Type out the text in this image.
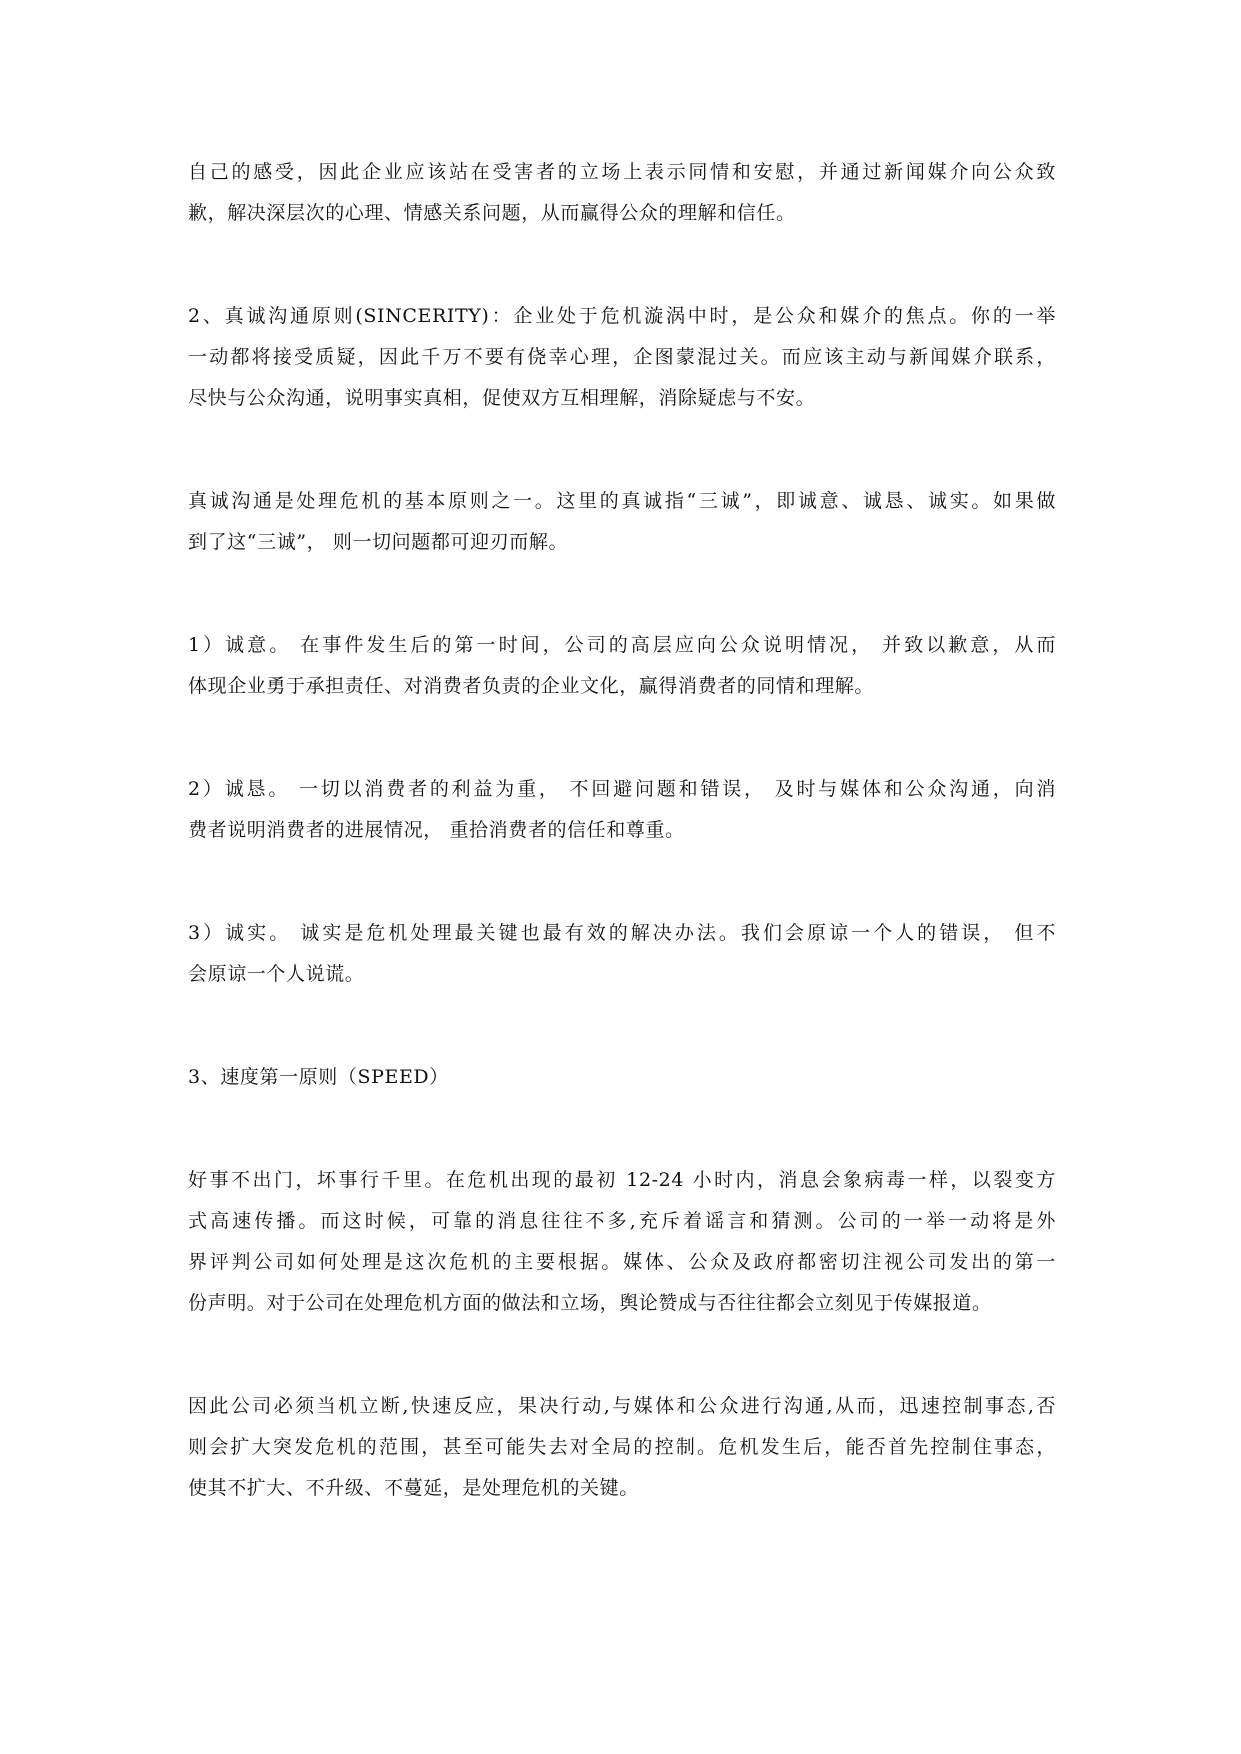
自己的感受，因此企业应该站在受害者的立场上表示同情和安慰，并通过新闻媒介向公众致
歉，解决深层次的心理、情感关系问题，从而赢得公众的理解和信任。

2、真诚沟通原则(SINCERITY)：企业处于危机漩涡中时，是公众和媒介的焦点。你的一举
一动都将接受质疑，因此千万不要有侥幸心理，企图蒙混过关。而应该主动与新闻媒介联系，
尽快与公众沟通，说明事实真相，促使双方互相理解，消除疑虑与不安。

真诚沟通是处理危机的基本原则之一。这里的真诚指“三诚”，即诚意、诚恳、诚实。如果做
到了这“三诚”， 则一切问题都可迎刃而解。

1）诚意。 在事件发生后的第一时间，公司的高层应向公众说明情况， 并致以歉意，从而
体现企业勇于承担责任、对消费者负责的企业文化，赢得消费者的同情和理解。

2）诚恳。 一切以消费者的利益为重， 不回避问题和错误， 及时与媒体和公众沟通，向消
费者说明消费者的进展情况， 重拾消费者的信任和尊重。

3）诚实。 诚实是危机处理最关键也最有效的解决办法。我们会原谅一个人的错误， 但不
会原谅一个人说谎。

3、速度第一原则（SPEED）

好事不出门，坏事行千里。在危机出现的最初 12-24 小时内，消息会象病毒一样，以裂变方
式高速传播。而这时候，可靠的消息往往不多,充斥着谣言和猜测。公司的一举一动将是外
界评判公司如何处理是这次危机的主要根据。媒体、公众及政府都密切注视公司发出的第一
份声明。对于公司在处理危机方面的做法和立场，舆论赞成与否往往都会立刻见于传媒报道。

因此公司必须当机立断,快速反应，果决行动,与媒体和公众进行沟通,从而，迅速控制事态,否
则会扩大突发危机的范围，甚至可能失去对全局的控制。危机发生后，能否首先控制住事态，
使其不扩大、不升级、不蔓延，是处理危机的关键。
